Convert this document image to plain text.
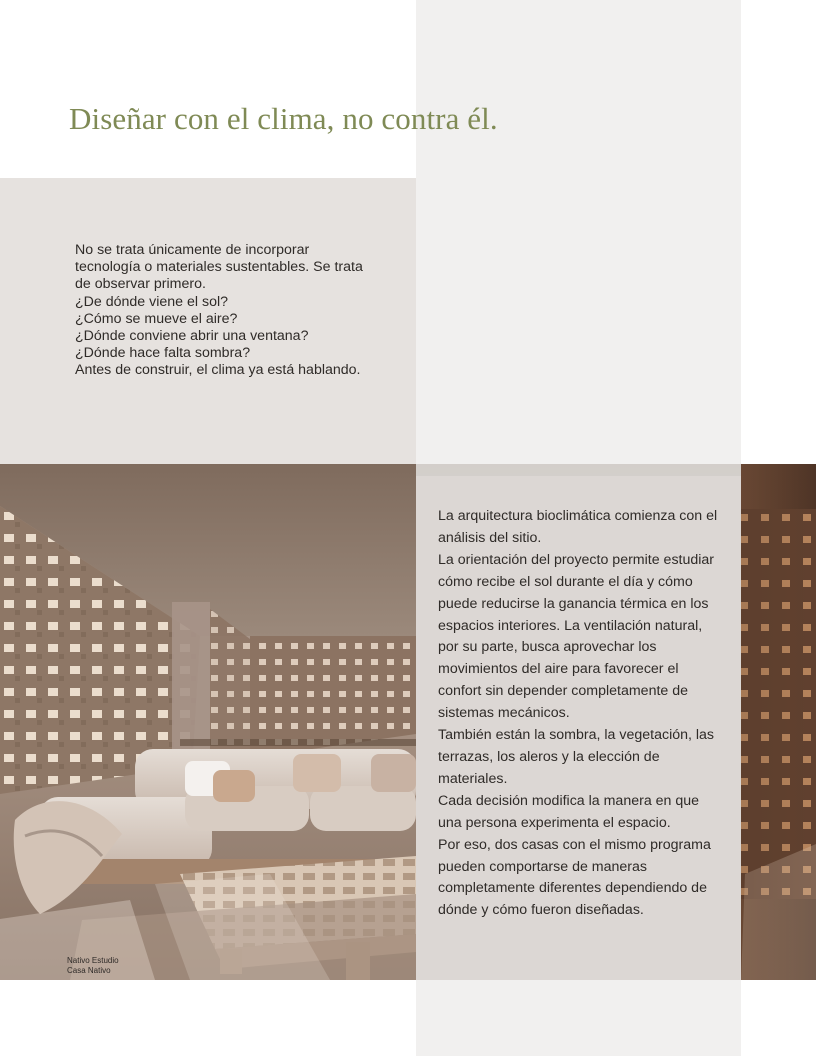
Diseñar con el clima, no contra él.

No se trata únicamente de incorporar tecnología o materiales sustentables. Se trata de observar primero.

¿De dónde viene el sol?

¿Cómo se mueve el aire?

¿Dónde conviene abrir una ventana?

¿Dónde hace falta sombra?

Antes de construir, el clima ya está hablando.

Nativo Estudio

Casa Nativo

La arquitectura bioclimática comienza con el análisis del sitio.

La orientación del proyecto permite estudiar cómo recibe el sol durante el día y cómo puede reducirse la ganancia térmica en los espacios interiores. La ventilación natural, por su parte, busca aprovechar los movimientos del aire para favorecer el confort sin depender completamente de sistemas mecánicos.

También están la sombra, la vegetación, las terrazas, los aleros y la elección de materiales.

Cada decisión modifica la manera en que una persona experimenta el espacio.

Por eso, dos casas con el mismo programa pueden comportarse de maneras completamente diferentes dependiendo de dónde y cómo fueron diseñadas.
